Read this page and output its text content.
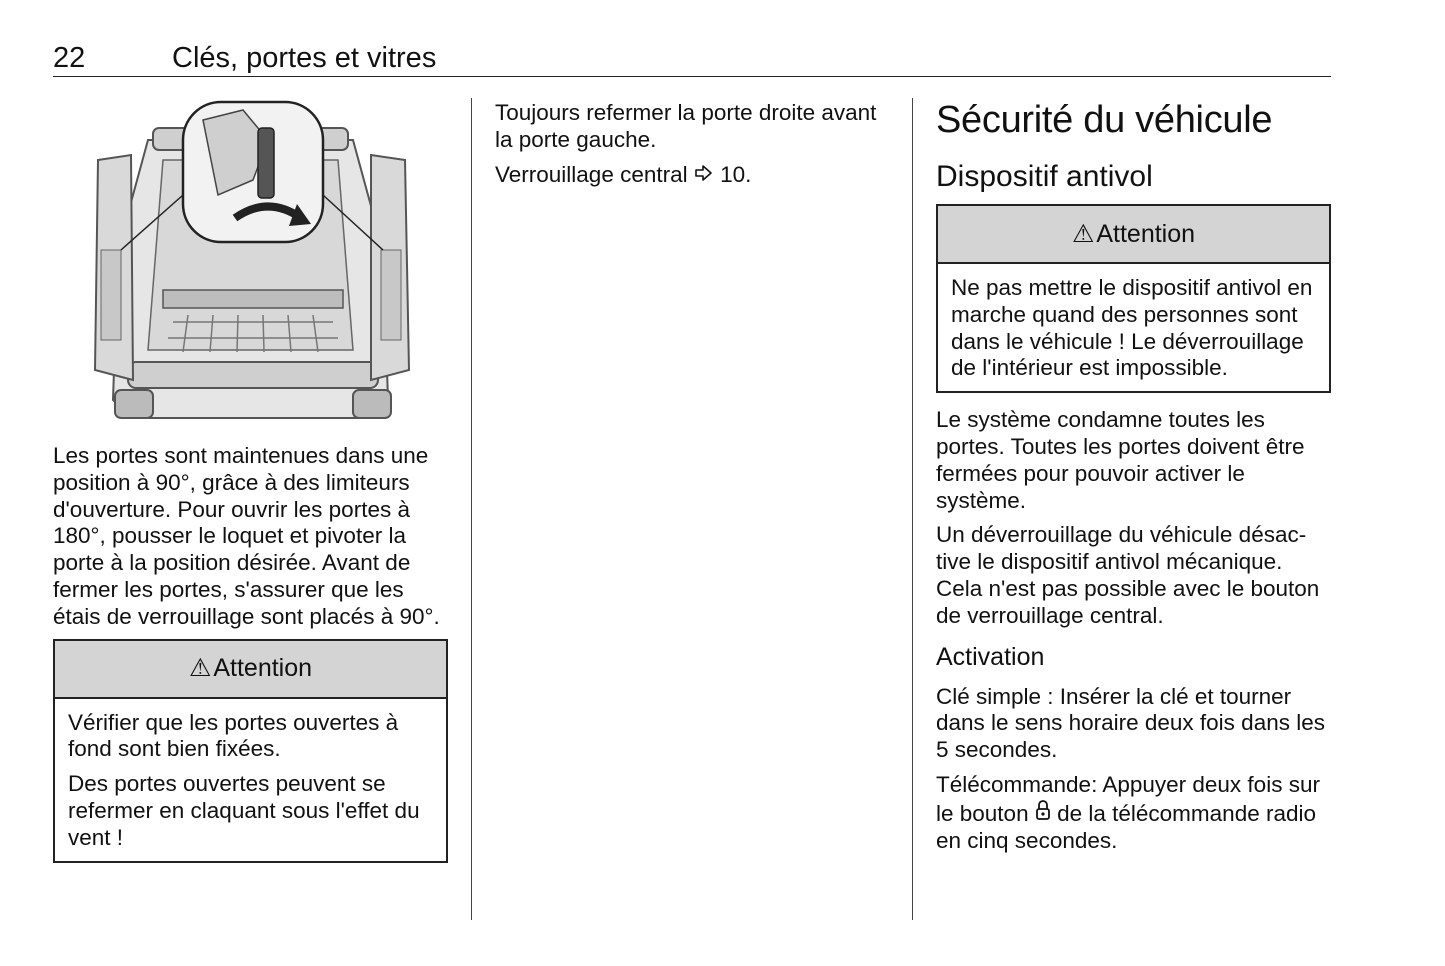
22	Clés, portes et vitres

Les portes sont maintenues dans une position à 90°, grâce à des limiteurs d'ouverture. Pour ouvrir les portes à 180°, pousser le loquet et pivoter la porte à la position désirée. Avant de fermer les portes, s'assurer que les étais de verrouillage sont placés à 90°.

⚠ Attention

Vérifier que les portes ouvertes à fond sont bien fixées.

Des portes ouvertes peuvent se refermer en claquant sous l'effet du vent !

Toujours refermer la porte droite avant la porte gauche.

Verrouillage central 10.

Sécurité du véhicule
Dispositif antivol
⚠ Attention

Ne pas mettre le dispositif antivol en marche quand des personnes sont dans le véhicule ! Le déverrouillage de l'intérieur est impossible.

Le système condamne toutes les portes. Toutes les portes doivent être fermées pour pouvoir activer le système.

Un déverrouillage du véhicule désactive le dispositif antivol mécanique. Cela n'est pas possible avec le bouton de verrouillage central.

Activation

Clé simple : Insérer la clé et tourner dans le sens horaire deux fois dans les 5 secondes.

Télécommande: Appuyer deux fois sur le bouton  de la télécommande radio en cinq secondes.
